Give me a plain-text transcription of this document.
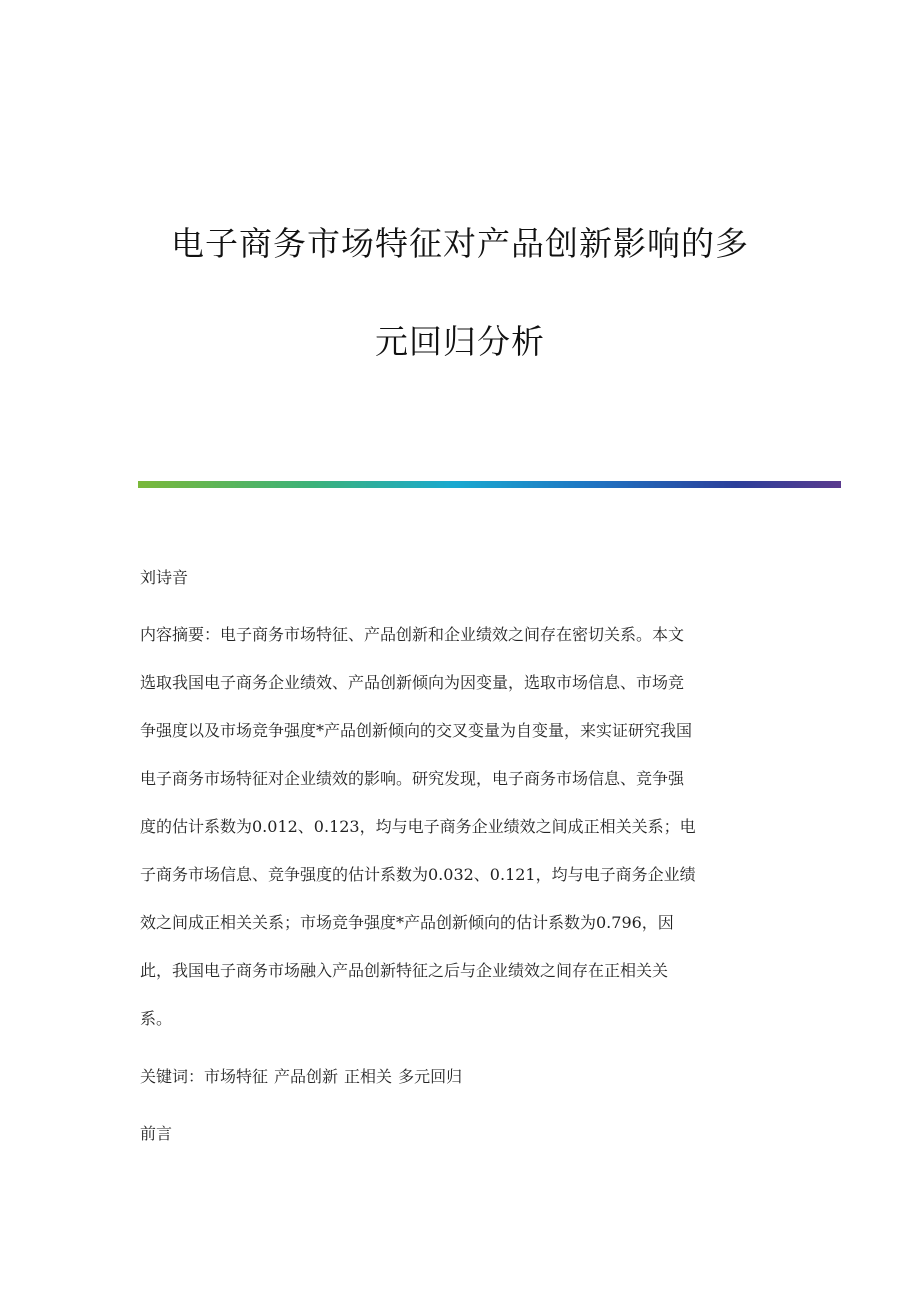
电子商务市场特征对产品创新影响的多
元回归分析
刘诗音
内容摘要：电子商务市场特征、产品创新和企业绩效之间存在密切关系。本文
选取我国电子商务企业绩效、产品创新倾向为因变量，选取市场信息、市场竞
争强度以及市场竞争强度*产品创新倾向的交叉变量为自变量，来实证研究我国
电子商务市场特征对企业绩效的影响。研究发现，电子商务市场信息、竞争强
度的估计系数为0.012、0.123，均与电子商务企业绩效之间成正相关关系；电
子商务市场信息、竞争强度的估计系数为0.032、0.121，均与电子商务企业绩
效之间成正相关关系；市场竞争强度*产品创新倾向的估计系数为0.796，因
此，我国电子商务市场融入产品创新特征之后与企业绩效之间存在正相关关
系。
关键词：市场特征 产品创新 正相关 多元回归
前言
